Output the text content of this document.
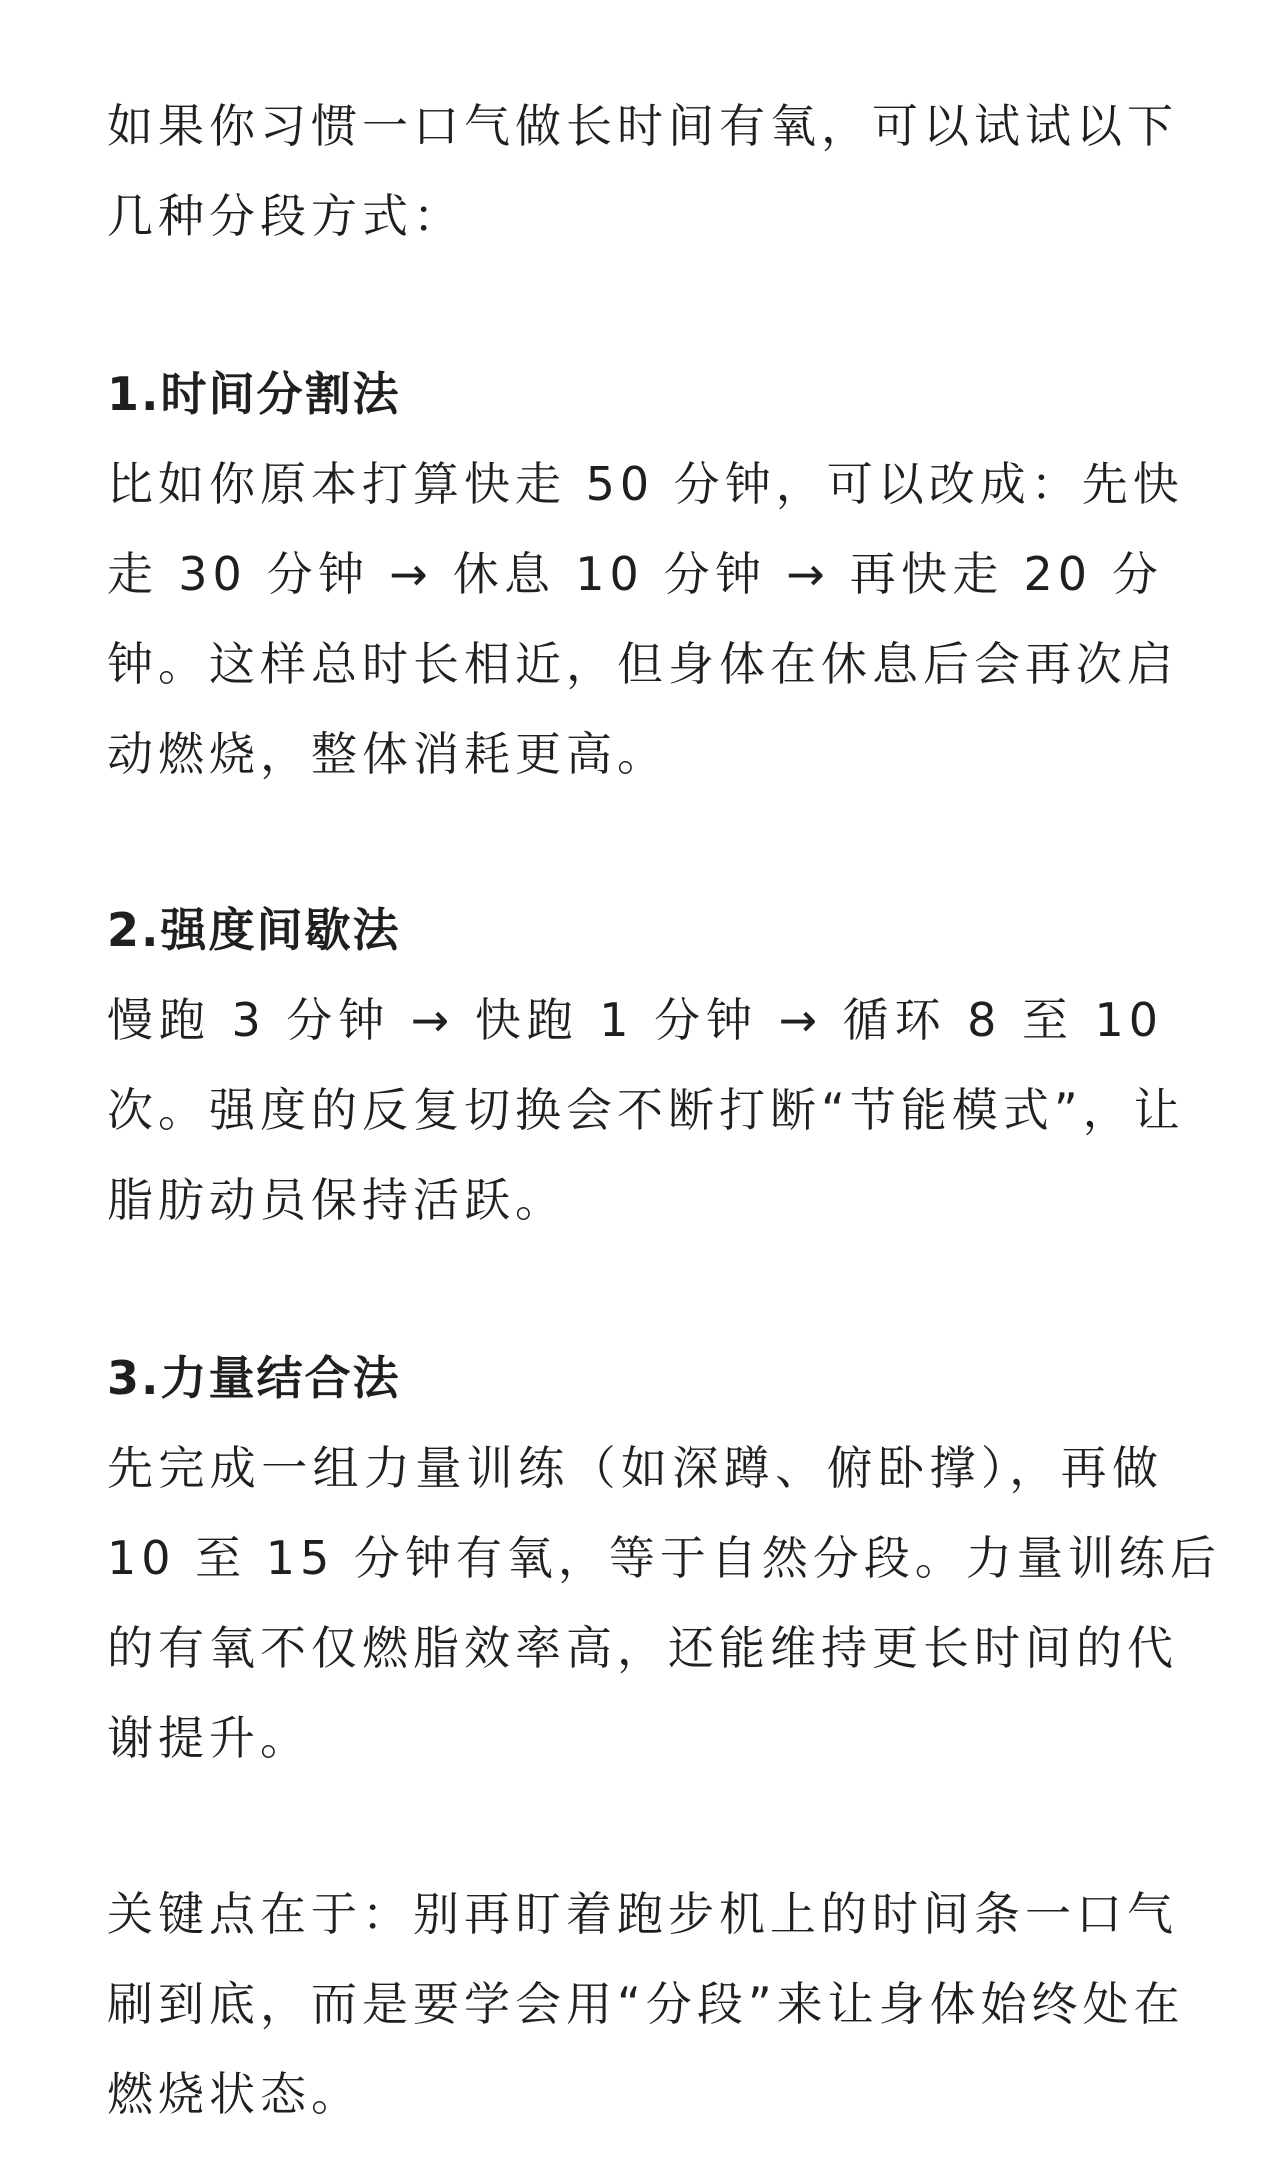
如果你习惯一口气做长时间有氧，可以试试以下
几种分段方式：
1.时间分割法
比如你原本打算快走 50 分钟，可以改成：先快
走 30 分钟 → 休息 10 分钟 → 再快走 20 分
钟。这样总时长相近，但身体在休息后会再次启
动燃烧，整体消耗更高。
2.强度间歇法
慢跑 3 分钟 → 快跑 1 分钟 → 循环 8 至 10
次。强度的反复切换会不断打断“节能模式”，让
脂肪动员保持活跃。
3.力量结合法
先完成一组力量训练（如深蹲、俯卧撑），再做
10 至 15 分钟有氧，等于自然分段。力量训练后
的有氧不仅燃脂效率高，还能维持更长时间的代
谢提升。
关键点在于：别再盯着跑步机上的时间条一口气
刷到底，而是要学会用“分段”来让身体始终处在
燃烧状态。
